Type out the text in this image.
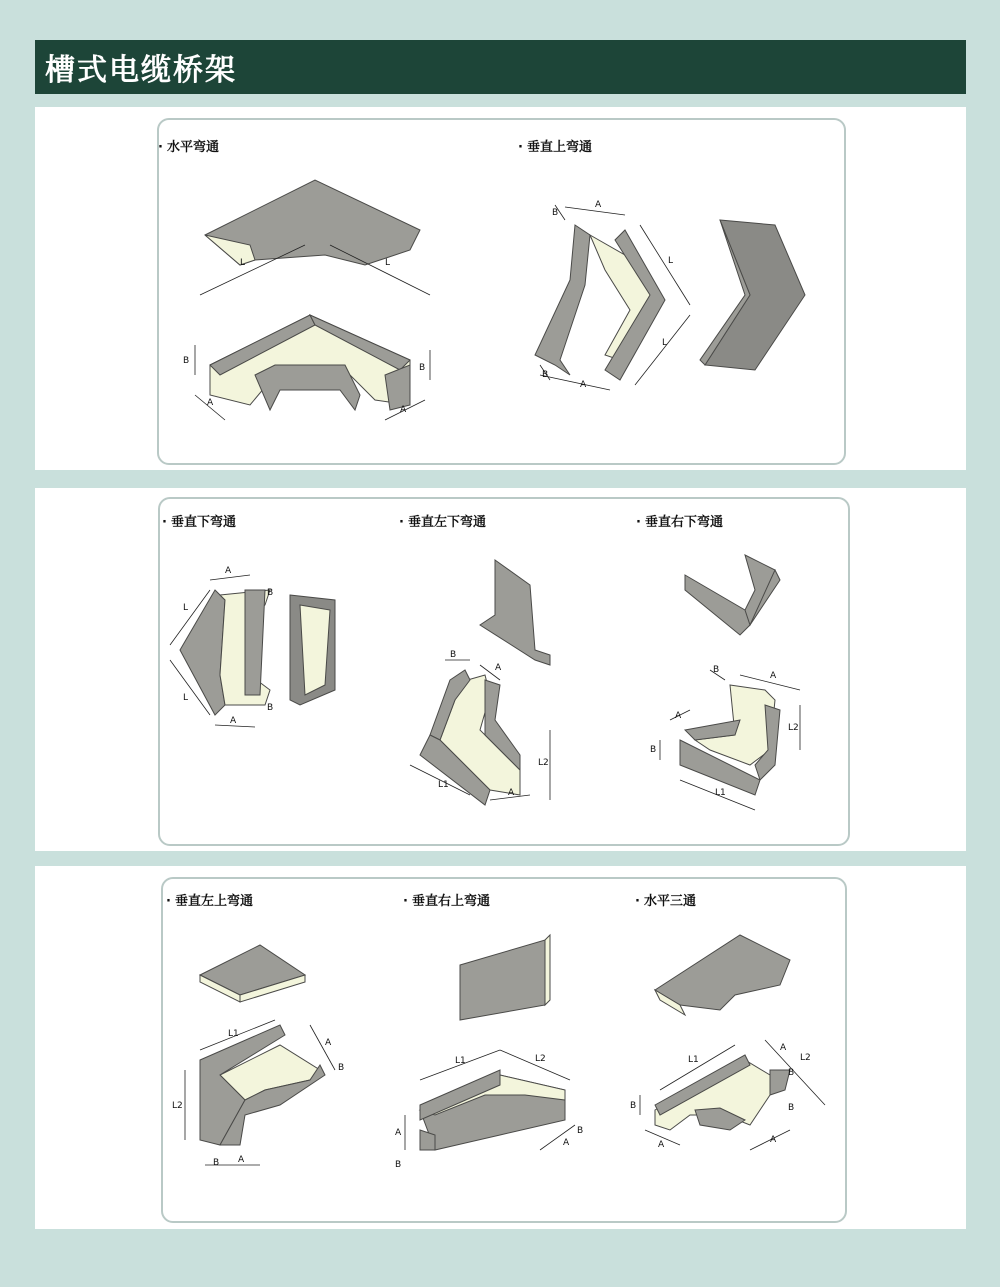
槽式电缆桥架
· 水平弯通	· 垂直上弯通
L	L
B
B
A
A
A
B
L
L
A
B
· 垂直下弯通	· 垂直左下弯通	· 垂直右下弯通
A
L
L
A
B
B
B
A
L1
L2
A
B
A
L2
A
B
L1
· 垂直左上弯通	· 垂直右上弯通	· 水平三通
L1
L2
A
B
A
B
L1	L2
A
B
A
B
L1	L2
B
A	A
B
A
B
